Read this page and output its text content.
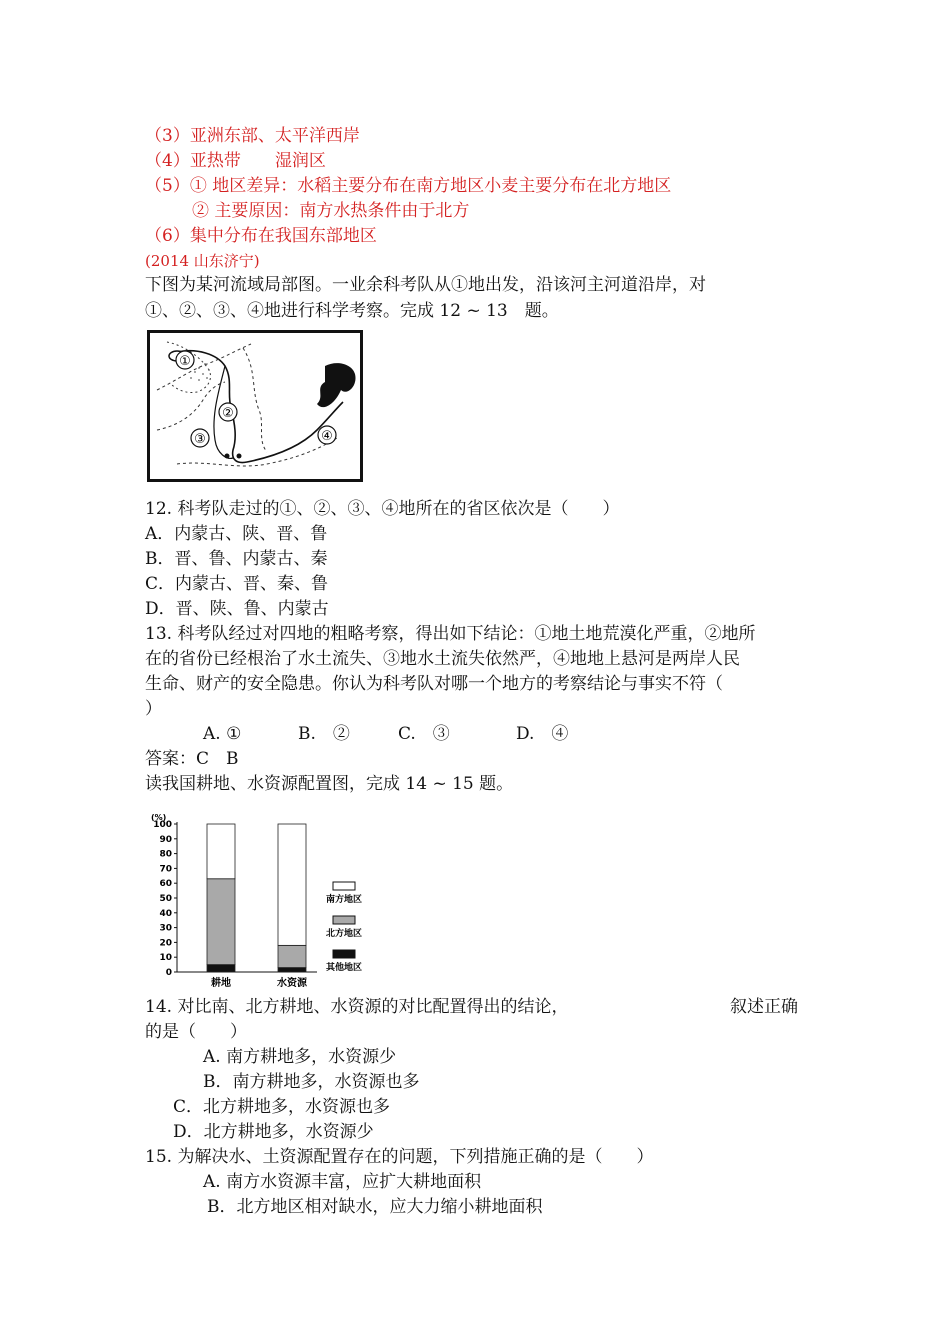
（3）亚洲东部、太平洋西岸
（4）亚热带　　湿润区
（5）① 地区差异：水稻主要分布在南方地区小麦主要分布在北方地区
② 主要原因：南方水热条件由于北方
（6）集中分布在我国东部地区
(2014 山东济宁)
下图为某河流域局部图。一业余科考队从①地出发，沿该河主河道沿岸，对
①、②、③、④地进行科学考察。完成 12 ~ 13　题。
①
②
③	④
12. 科考队走过的①、②、③、④地所在的省区依次是（　　）
A．内蒙古、陕、晋、鲁
B．晋、鲁、内蒙古、秦
C．内蒙古、晋、秦、鲁
D．晋、陕、鲁、内蒙古
13. 科考队经过对四地的粗略考察，得出如下结论：①地土地荒漠化严重，②地所
在的省份已经根治了水土流失、③地水土流失依然严，④地地上悬河是两岸人民
生命、财产的安全隐患。你认为科考队对哪一个地方的考察结论与事实不符（
）
A. ①	B.　②	C.　③	D.　④
答案：C　B
读我国耕地、水资源配置图，完成 14 ~ 15 题。
(%)
0
10
20
30
40
50
60
70
80
90
100
耕地	水资源
南方地区
北方地区
其他地区
14. 对比南、北方耕地、水资源的对比配置得出的结论，	叙述正确
的是（　　）
A. 南方耕地多，水资源少
B．南方耕地多，水资源也多
C．北方耕地多，水资源也多
D．北方耕地多，水资源少
15. 为解决水、土资源配置存在的问题，下列措施正确的是（　　）
A. 南方水资源丰富，应扩大耕地面积
B．北方地区相对缺水，应大力缩小耕地面积
